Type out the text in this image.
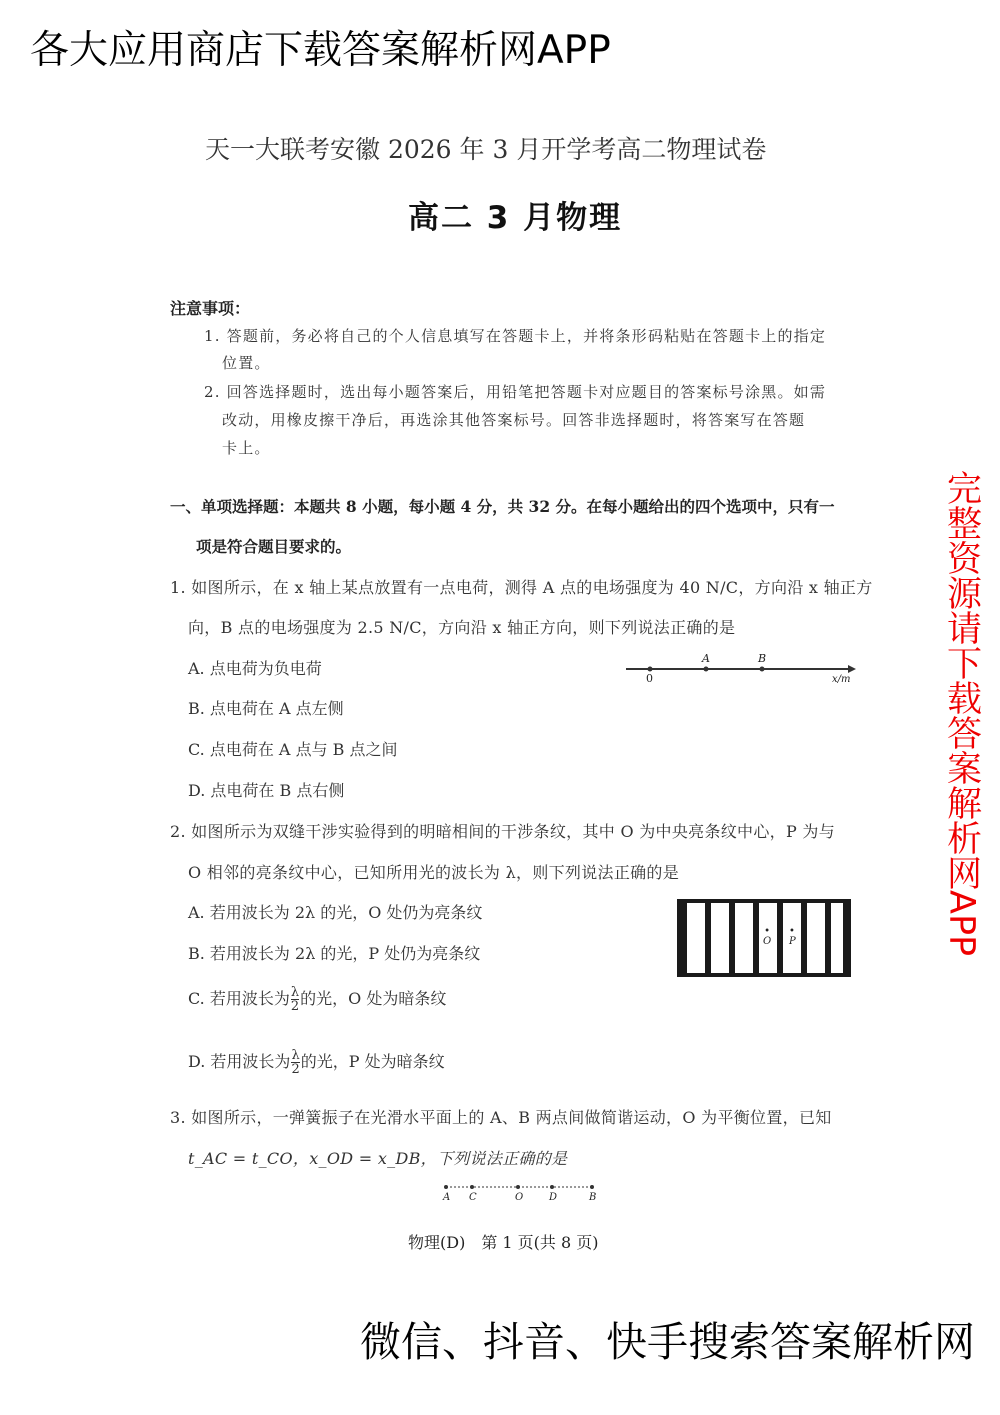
天一大联考安徽 2026 年 3 月开学考高二物理试卷
高二 3 月物理
注意事项：
1. 答题前，务必将自己的个人信息填写在答题卡上，并将条形码粘贴在答题卡上的指定
位置。
2. 回答选择题时，选出每小题答案后，用铅笔把答题卡对应题目的答案标号涂黑。如需
改动，用橡皮擦干净后，再选涂其他答案标号。回答非选择题时，将答案写在答题
卡上。
一、单项选择题：本题共 8 小题，每小题 4 分，共 32 分。在每小题给出的四个选项中，只有一
项是符合题目要求的。
1. 如图所示，在 x 轴上某点放置有一点电荷，测得 A 点的电场强度为 40 N/C，方向沿 x 轴正方
向，B 点的电场强度为 2.5 N/C，方向沿 x 轴正方向，则下列说法正确的是
A. 点电荷为负电荷
B. 点电荷在 A 点左侧
C. 点电荷在 A 点与 B 点之间
D. 点电荷在 B 点右侧
0
A	B
x/m
2. 如图所示为双缝干涉实验得到的明暗相间的干涉条纹，其中 O 为中央亮条纹中心，P 为与
O 相邻的亮条纹中心，已知所用光的波长为 λ，则下列说法正确的是
A. 若用波长为 2λ 的光，O 处仍为亮条纹
B. 若用波长为 2λ 的光，P 处仍为亮条纹
C. 若用波长为 $\frac{\lambda}{2}$ 的光，O 处为暗条纹
D. 若用波长为 $\frac{\lambda}{2}$ 的光，P 处为暗条纹
•
O
•
P
3. 如图所示，一弹簧振子在光滑水平面上的 A、B 两点间做简谐运动，O 为平衡位置，已知
t_AC = t_CO，x_OD = x_DB，下列说法正确的是
A C	O	D	B
物理(D)　第 1 页(共 8 页)
各大应用商店下载答案解析网APP
完整资源请下载答案解析网APP
微信、抖音、快手搜索答案解析网
